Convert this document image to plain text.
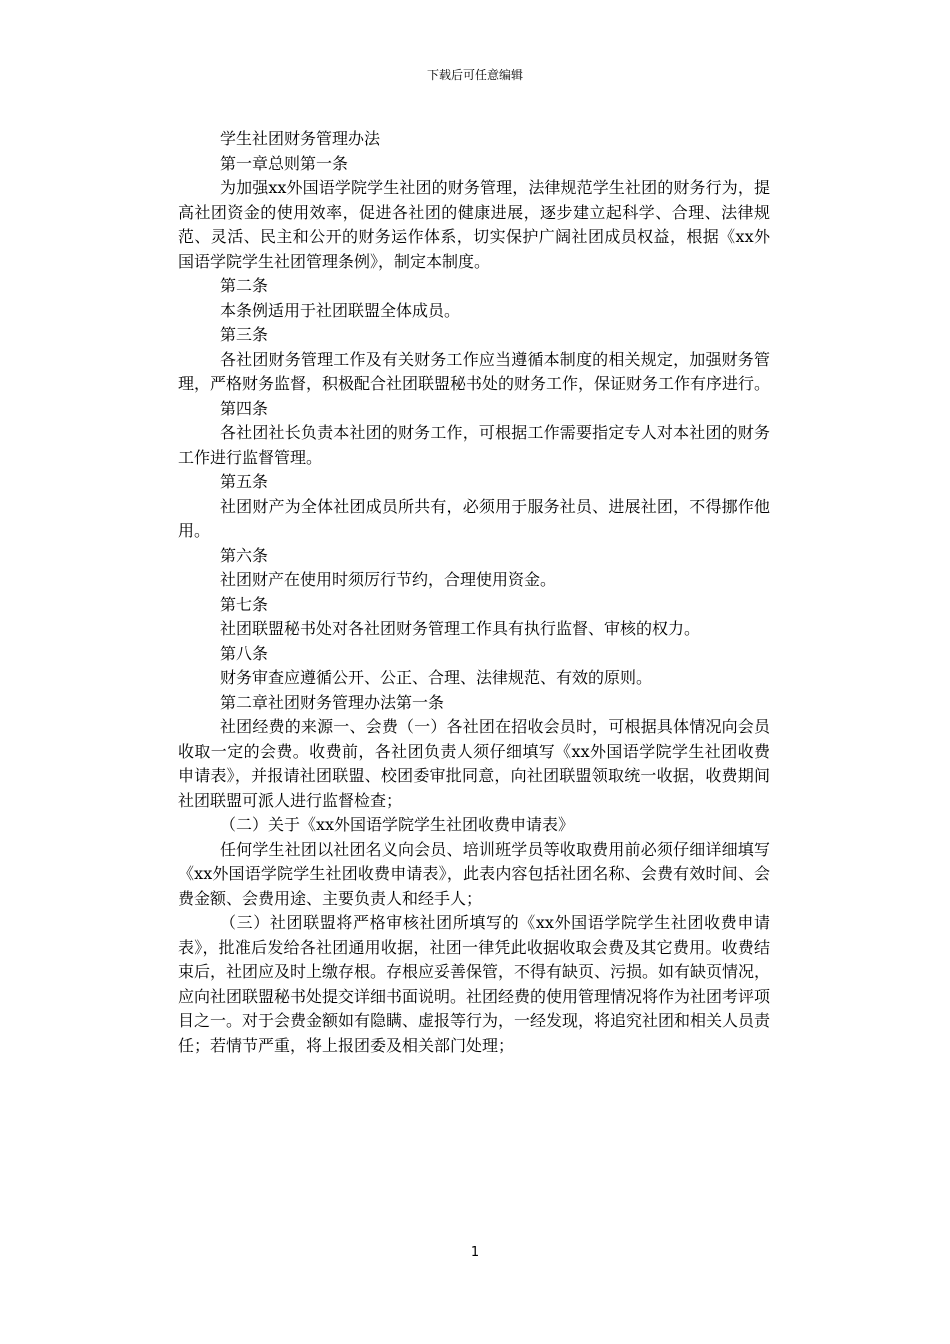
下载后可任意编辑

学生社团财务管理办法

第一章总则第一条

为加强xx外国语学院学生社团的财务管理，法律规范学生社团的财务行为，提高社团资金的使用效率，促进各社团的健康进展，逐步建立起科学、合理、法律规范、灵活、民主和公开的财务运作体系，切实保护广阔社团成员权益，根据《xx外国语学院学生社团管理条例》，制定本制度。

第二条

本条例适用于社团联盟全体成员。

第三条

各社团财务管理工作及有关财务工作应当遵循本制度的相关规定，加强财务管理，严格财务监督，积极配合社团联盟秘书处的财务工作，保证财务工作有序进行。

第四条

各社团社长负责本社团的财务工作，可根据工作需要指定专人对本社团的财务工作进行监督管理。

第五条

社团财产为全体社团成员所共有，必须用于服务社员、进展社团，不得挪作他用。

第六条

社团财产在使用时须厉行节约，合理使用资金。

第七条

社团联盟秘书处对各社团财务管理工作具有执行监督、审核的权力。

第八条

财务审查应遵循公开、公正、合理、法律规范、有效的原则。

第二章社团财务管理办法第一条

社团经费的来源一、会费（一）各社团在招收会员时，可根据具体情况向会员收取一定的会费。收费前，各社团负责人须仔细填写《xx外国语学院学生社团收费申请表》，并报请社团联盟、校团委审批同意，向社团联盟领取统一收据，收费期间社团联盟可派人进行监督检查；

（二）关于《xx外国语学院学生社团收费申请表》

任何学生社团以社团名义向会员、培训班学员等收取费用前必须仔细详细填写《xx外国语学院学生社团收费申请表》，此表内容包括社团名称、会费有效时间、会费金额、会费用途、主要负责人和经手人；

（三）社团联盟将严格审核社团所填写的《xx外国语学院学生社团收费申请表》，批准后发给各社团通用收据，社团一律凭此收据收取会费及其它费用。收费结束后，社团应及时上缴存根。存根应妥善保管，不得有缺页、污损。如有缺页情况，应向社团联盟秘书处提交详细书面说明。社团经费的使用管理情况将作为社团考评项目之一。对于会费金额如有隐瞒、虚报等行为，一经发现，将追究社团和相关人员责任；若情节严重，将上报团委及相关部门处理；

1
